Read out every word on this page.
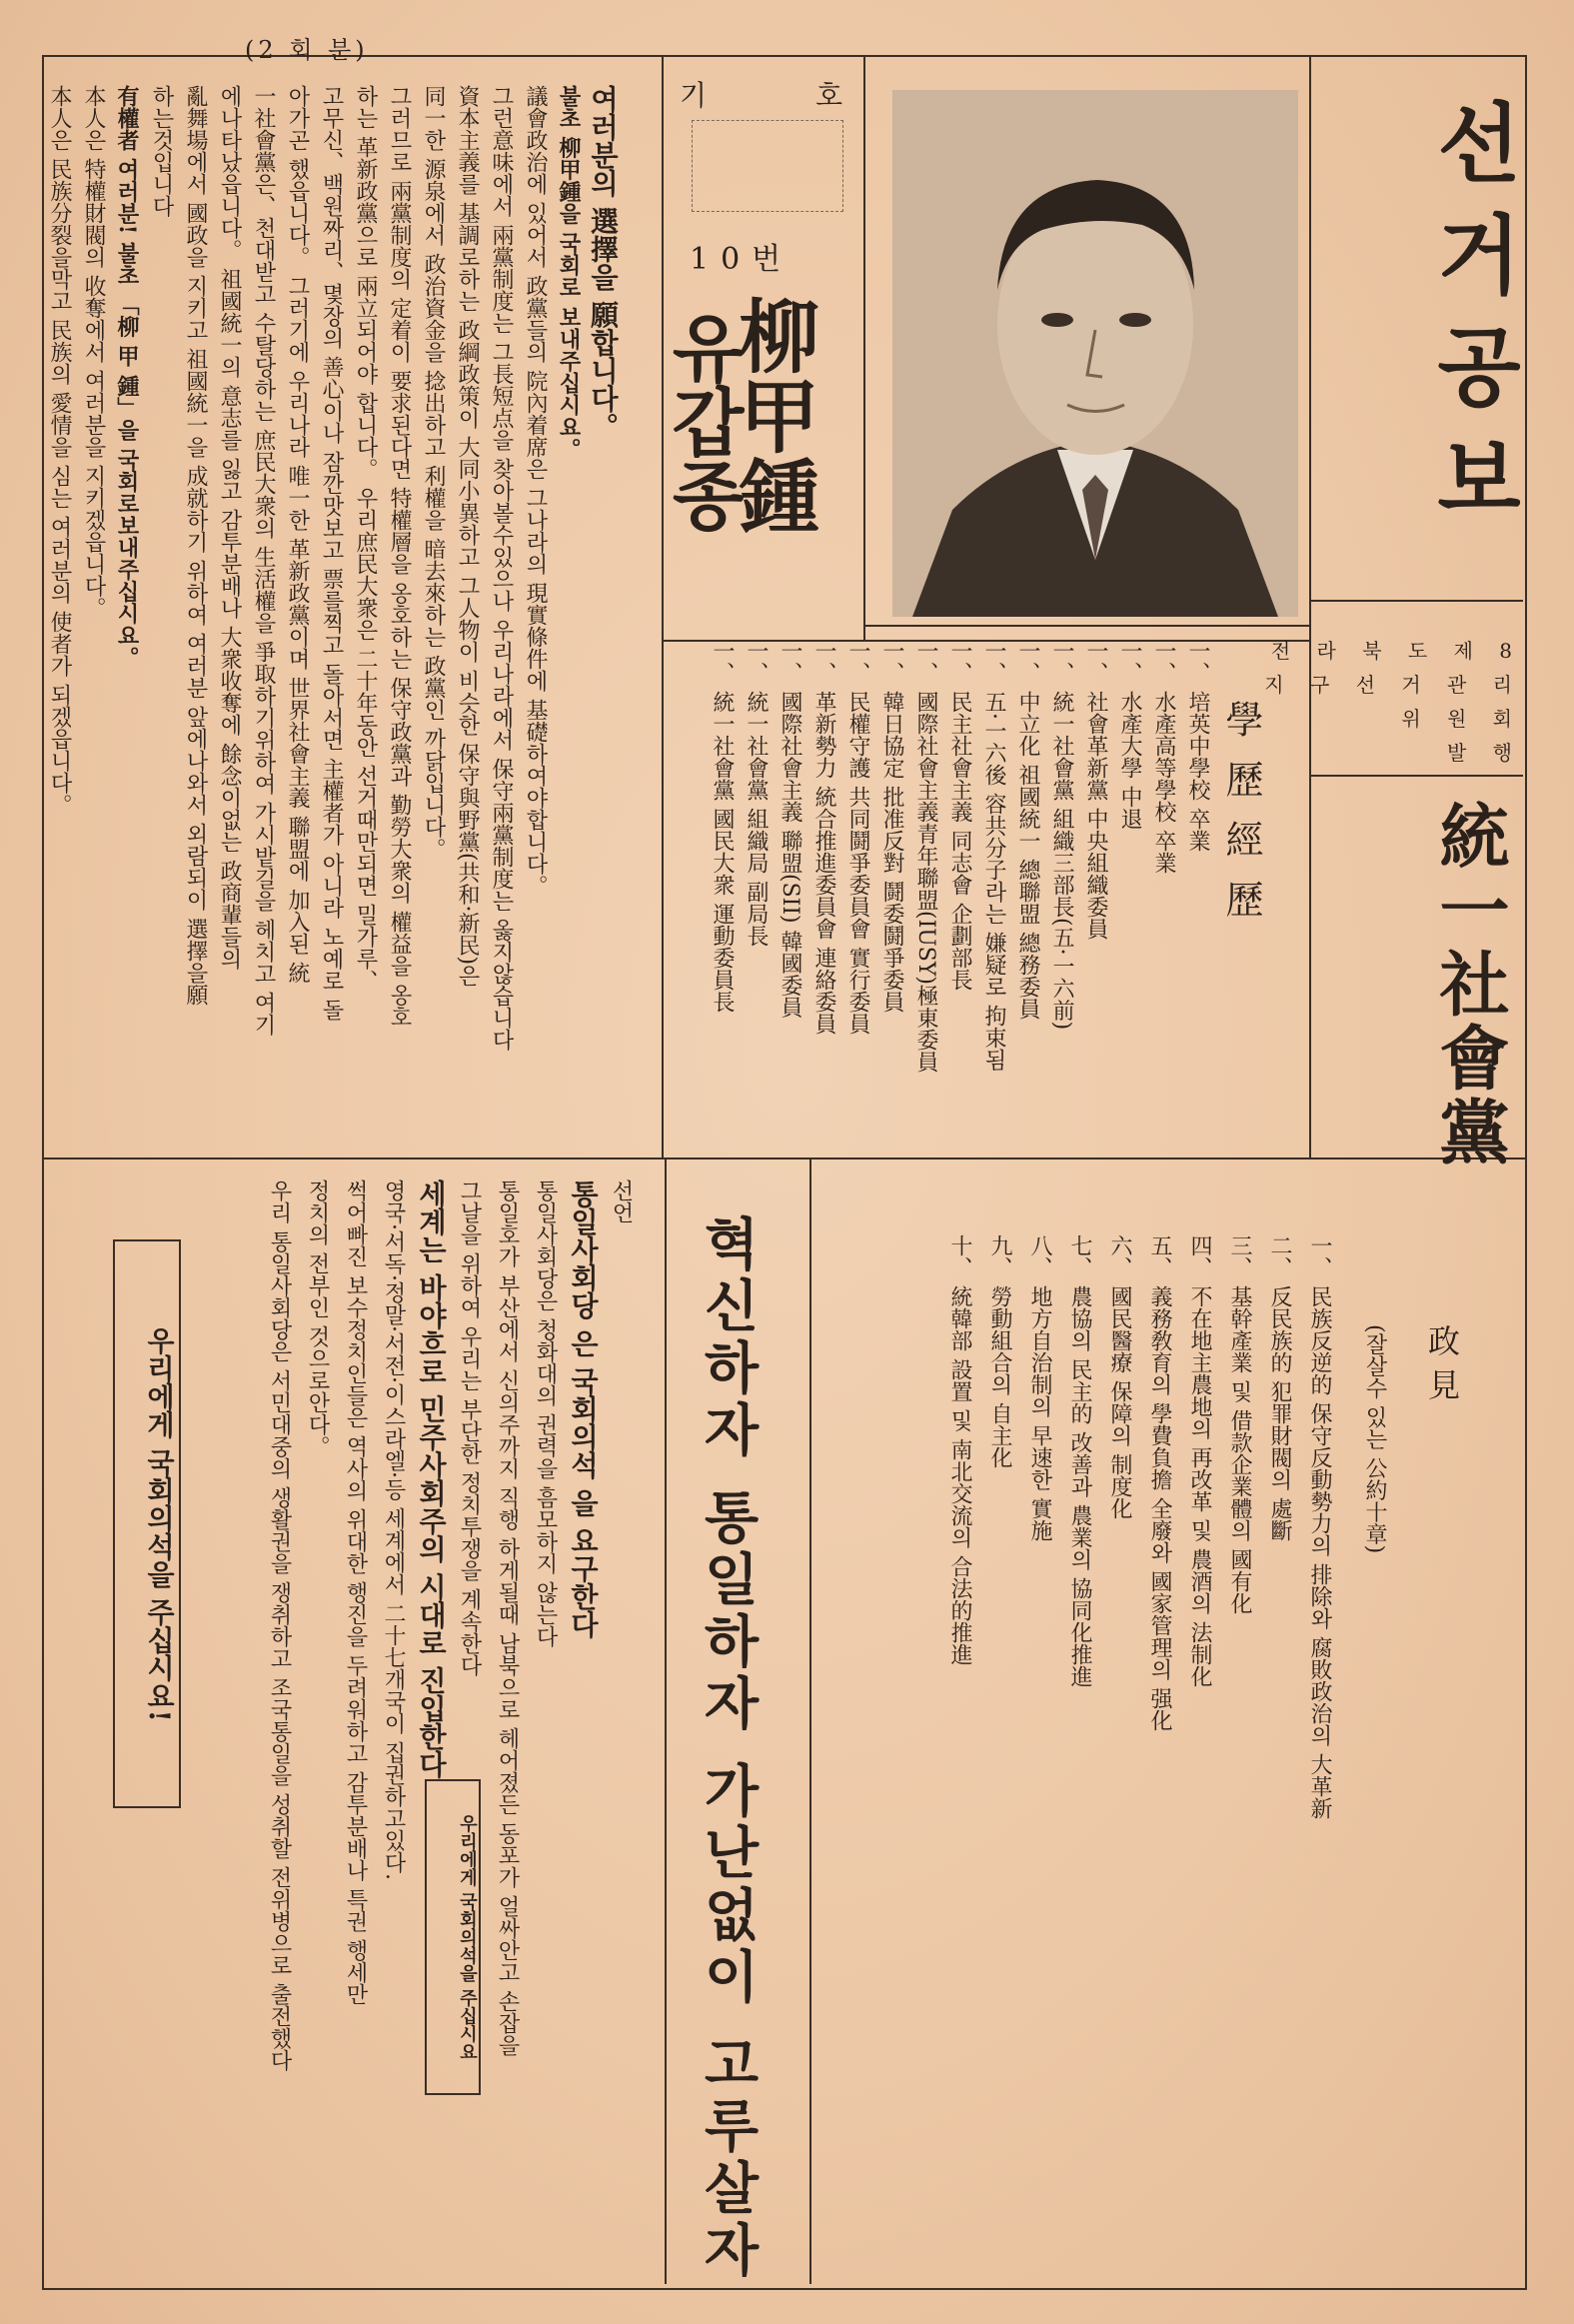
(2 회 분)
선거공보
전 라 북 도 제 8
지 구 선 거 관 리
위 원 회
발 행
統一社會黨
기 호
10번
柳甲鍾
유갑종
學歷經歷
一、 培英中學校 卒業
一、 水產高等學校 卒業
一、 水產大學 中退
一、 社會革新黨 中央組織委員
一、 統一社會黨 組織三部長(五·一六前)
一、 中立化 祖國統一 總聯盟 總務委員
一、 五·一六後 容共分子라는 嫌疑로 拘束됨
一、 民主社會主義 同志會 企劃部長
一、 國際社會主義青年聯盟(IUSY)極東委員
一、 韓日協定 批准反對 鬪委鬪爭委員
一、 民權守護 共同鬪爭委員會 實行委員
一、 革新勢力 統合推進委員會 連絡委員
一、 國際社會主義 聯盟(SII) 韓國委員
一、 統一社會黨 組織局 副局長
一、 統一社會黨 國民大衆 運動委員長
여러분의 選擇을 願합니다。
불초 柳甲鍾을 국회로 보내주십시요。
議會政治에 있어서 政黨들의 院內着席은 그나라의 現實條件에 基礎하여야합니다。
그런意味에서 兩黨制度는 그長短点을 찾아볼수있으나 우리나라에서 保守兩黨制度는 옳지않습니다
資本主義를 基調로하는 政綱政策이 大同小異하고 그人物이 비슷한 保守與野黨(共和·新民)은
同一한 源泉에서 政治資金을 捻出하고 利權을 暗去來하는 政黨인 까닭입니다。
그러므로 兩黨制度의 定着이 要求된다면 特權層을 옹호하는 保守政黨과 勤勞大衆의 權益을 옹호
하는 革新政黨으로 兩立되어야 합니다。 우리庶民大衆은 二十年동안 선거때만되면 밀가루、
고무신、백원짜리、몇장의 善心이나 잠깐맛보고 票를찍고 돌아서면 主權者가 아니라 노예로 돌
아가곤 했읍니다。 그러기에 우리나라 唯一한 革新政黨이며 世界社會主義 聯盟에 加入된 統
一社會黨은、천대받고 수탈당하는 庶民大衆의 生活權을 爭取하기위하여 가시밭길을 헤치고 여기
에나타났읍니다。 祖國統一의 意志를 잃고 감투분배나 大衆收奪에 餘念이없는 政商輩들의
亂舞場에서 國政을 지키고 祖國統一을 成就하기 위하여 여러분 앞에나와서 외람되이 選擇을願
하는것입니다
有權者 여러분! 불초 「柳 甲 鍾」을 국회로보내주십시요。
本人은 特權財閥의 收奪에서 여러분을 지키겠읍니다。
本人은 民族分裂을막고 民族의 愛情을 심는 여러분의 使者가 되겠읍니다。
政見
(잘살수 있는 公約十章)
一、 民族反逆的 保守反動勢力의 排除와 腐敗政治의 大革新
二、 反民族的 犯罪財閥의 處斷
三、 基幹產業 및 借款企業體의 國有化
四、 不在地主農地의 再改革 및 農酒의 法制化
五、 義務敎育의 學費負擔 全廢와 國家管理의 强化
六、 國民醫療 保障의 制度化
七、 農協의 民主的 改善과 農業의 協同化推進
八、 地方自治制의 早速한 實施
九、 勞動組合의 自主化
十、 統韓部 設置 및 南北交流의 合法的推進
혁신하자 통일하자 가난없이 고루살자
선언
통일사회당 은 국회의석 을 요구한다
통일사회당은 청화대의 권력을 흠모하지 않는다
통일호가 부산에서 신의주까지 직행 하게될때 남북으로 헤어졌든 동포가 얼싸안고 손잡을
그날을 위하여 우리는 부단한 정치투쟁을 계속한다
세계는 바야흐로 민주사회주의 시대로 진입한다
영국·서독·정말·서전·이스라엘·등 세계에서 二十七개국이 집권하고있다.
썩어빠진 보수정치인들은 역사의 위대한 행진을 두려워하고 감투분배나 특권 행세만
정치의 전부인 것으로안다。
우리 통일사회당은 서민대중의 생활권을 쟁취하고 조국통일을 성취할 전위병으로 출전했다	우리에게 국회의석을 주십시요
우리에게 국회의석을 주십시요!
